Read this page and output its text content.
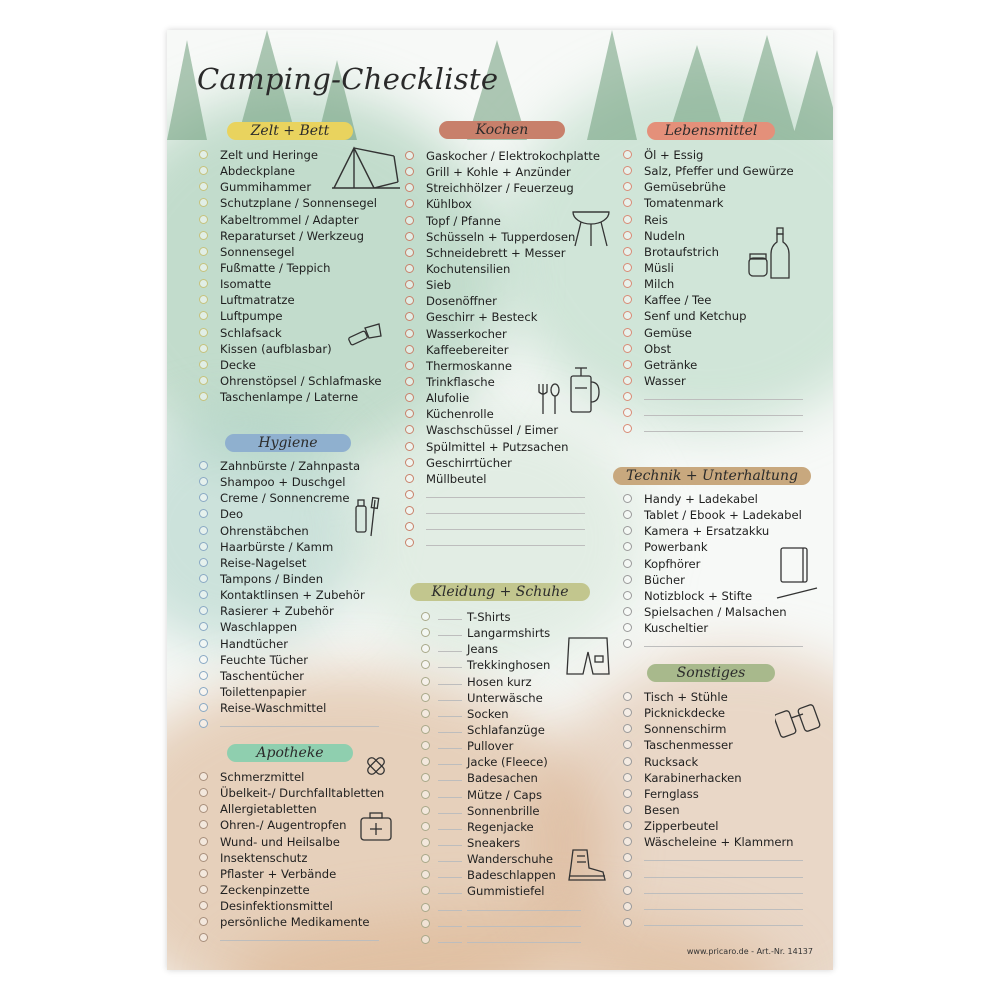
Camping-Checkliste
Zelt + Bett
Hygiene
Apotheke
Kochen
Kleidung + Schuhe
Lebensmittel
Technik + Unterhaltung
Sonstiges
Zelt und Heringe
Abdeckplane
Gummihammer
Schutzplane / Sonnensegel
Kabeltrommel / Adapter
Reparaturset / Werkzeug
Sonnensegel
Fußmatte / Teppich
Isomatte
Luftmatratze
Luftpumpe
Schlafsack
Kissen (aufblasbar)
Decke
Ohrenstöpsel / Schlafmaske
Taschenlampe / Laterne
Zahnbürste / Zahnpasta
Shampoo + Duschgel
Creme / Sonnencreme
Deo
Ohrenstäbchen
Haarbürste / Kamm
Reise-Nagelset
Tampons / Binden
Kontaktlinsen + Zubehör
Rasierer + Zubehör
Waschlappen
Handtücher
Feuchte Tücher
Taschentücher
Toilettenpapier
Reise-Waschmittel
Schmerzmittel
Übelkeit-/ Durchfalltabletten
Allergietabletten
Ohren-/ Augentropfen
Wund- und Heilsalbe
Insektenschutz
Pflaster + Verbände
Zeckenpinzette
Desinfektionsmittel
persönliche Medikamente
Gaskocher / Elektrokochplatte
Grill + Kohle + Anzünder
Streichhölzer / Feuerzeug
Kühlbox
Topf / Pfanne
Schüsseln + Tupperdosen
Schneidebrett + Messer
Kochutensilien
Sieb
Dosenöffner
Geschirr + Besteck
Wasserkocher
Kaffeebereiter
Thermoskanne
Trinkflasche
Alufolie
Küchenrolle
Waschschüssel / Eimer
Spülmittel + Putzsachen
Geschirrtücher
Müllbeutel
T-Shirts
Langarmshirts
Jeans
Trekkinghosen
Hosen kurz
Unterwäsche
Socken
Schlafanzüge
Pullover
Jacke (Fleece)
Badesachen
Mütze / Caps
Sonnenbrille
Regenjacke
Sneakers
Wanderschuhe
Badeschlappen
Gummistiefel
Öl + Essig
Salz, Pfeffer und Gewürze
Gemüsebrühe
Tomatenmark
Reis
Nudeln
Brotaufstrich
Müsli
Milch
Kaffee / Tee
Senf und Ketchup
Gemüse
Obst
Getränke
Wasser
Handy + Ladekabel
Tablet / Ebook + Ladekabel
Kamera + Ersatzakku
Powerbank
Kopfhörer
Bücher
Notizblock + Stifte
Spielsachen / Malsachen
Kuscheltier
Tisch + Stühle
Picknickdecke
Sonnenschirm
Taschenmesser
Rucksack
Karabinerhacken
Fernglass
Besen
Zipperbeutel
Wäscheleine + Klammern
www.pricaro.de - Art.-Nr. 14137
